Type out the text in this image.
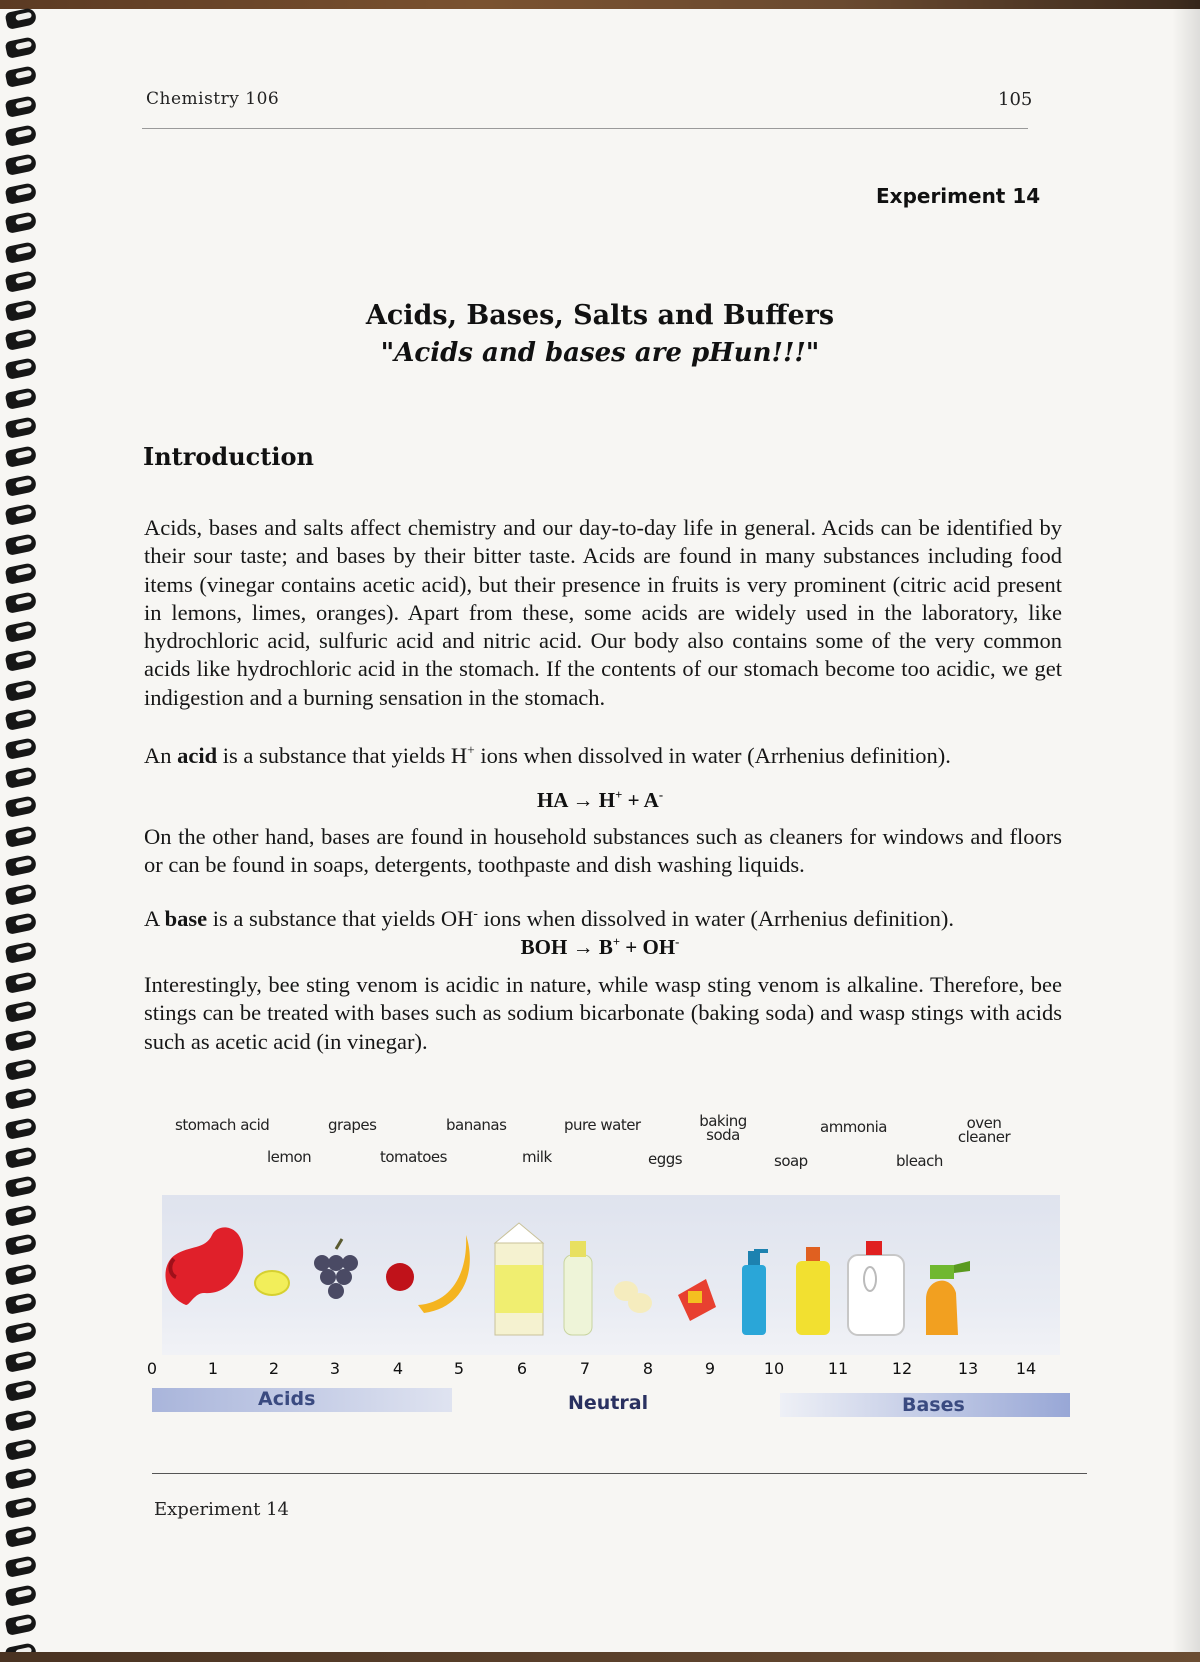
Chemistry 106	105
Experiment 14
Acids, Bases, Salts and Buffers
"Acids and bases are pHun!!!"
Introduction
Acids, bases and salts affect chemistry and our day-to-day life in general. Acids can be identified by their sour taste; and bases by their bitter taste. Acids are found in many substances including food items (vinegar contains acetic acid), but their presence in fruits is very prominent (citric acid present in lemons, limes, oranges). Apart from these, some acids are widely used in the laboratory, like hydrochloric acid, sulfuric acid and nitric acid. Our body also contains some of the very common acids like hydrochloric acid in the stomach. If the contents of our stomach become too acidic, we get indigestion and a burning sensation in the stomach.
An acid is a substance that yields H+ ions when dissolved in water (Arrhenius definition).
HA → H+ + A-
On the other hand, bases are found in household substances such as cleaners for windows and floors or can be found in soaps, detergents, toothpaste and dish washing liquids.
A base is a substance that yields OH- ions when dissolved in water (Arrhenius definition).
BOH → B+ + OH-
Interestingly, bee sting venom is acidic in nature, while wasp sting venom is alkaline. Therefore, bee stings can be treated with bases such as sodium bicarbonate (baking soda) and wasp stings with acids such as acetic acid (in vinegar).
stomach acid
lemon
grapes
tomatoes
bananas
milk
pure water
eggs
baking soda
soap
ammonia
bleach
oven cleaner
0	1	2	3	4	5	6	7	8	9	10	11	12	13 14
Acids	Neutral	Bases
Experiment 14
